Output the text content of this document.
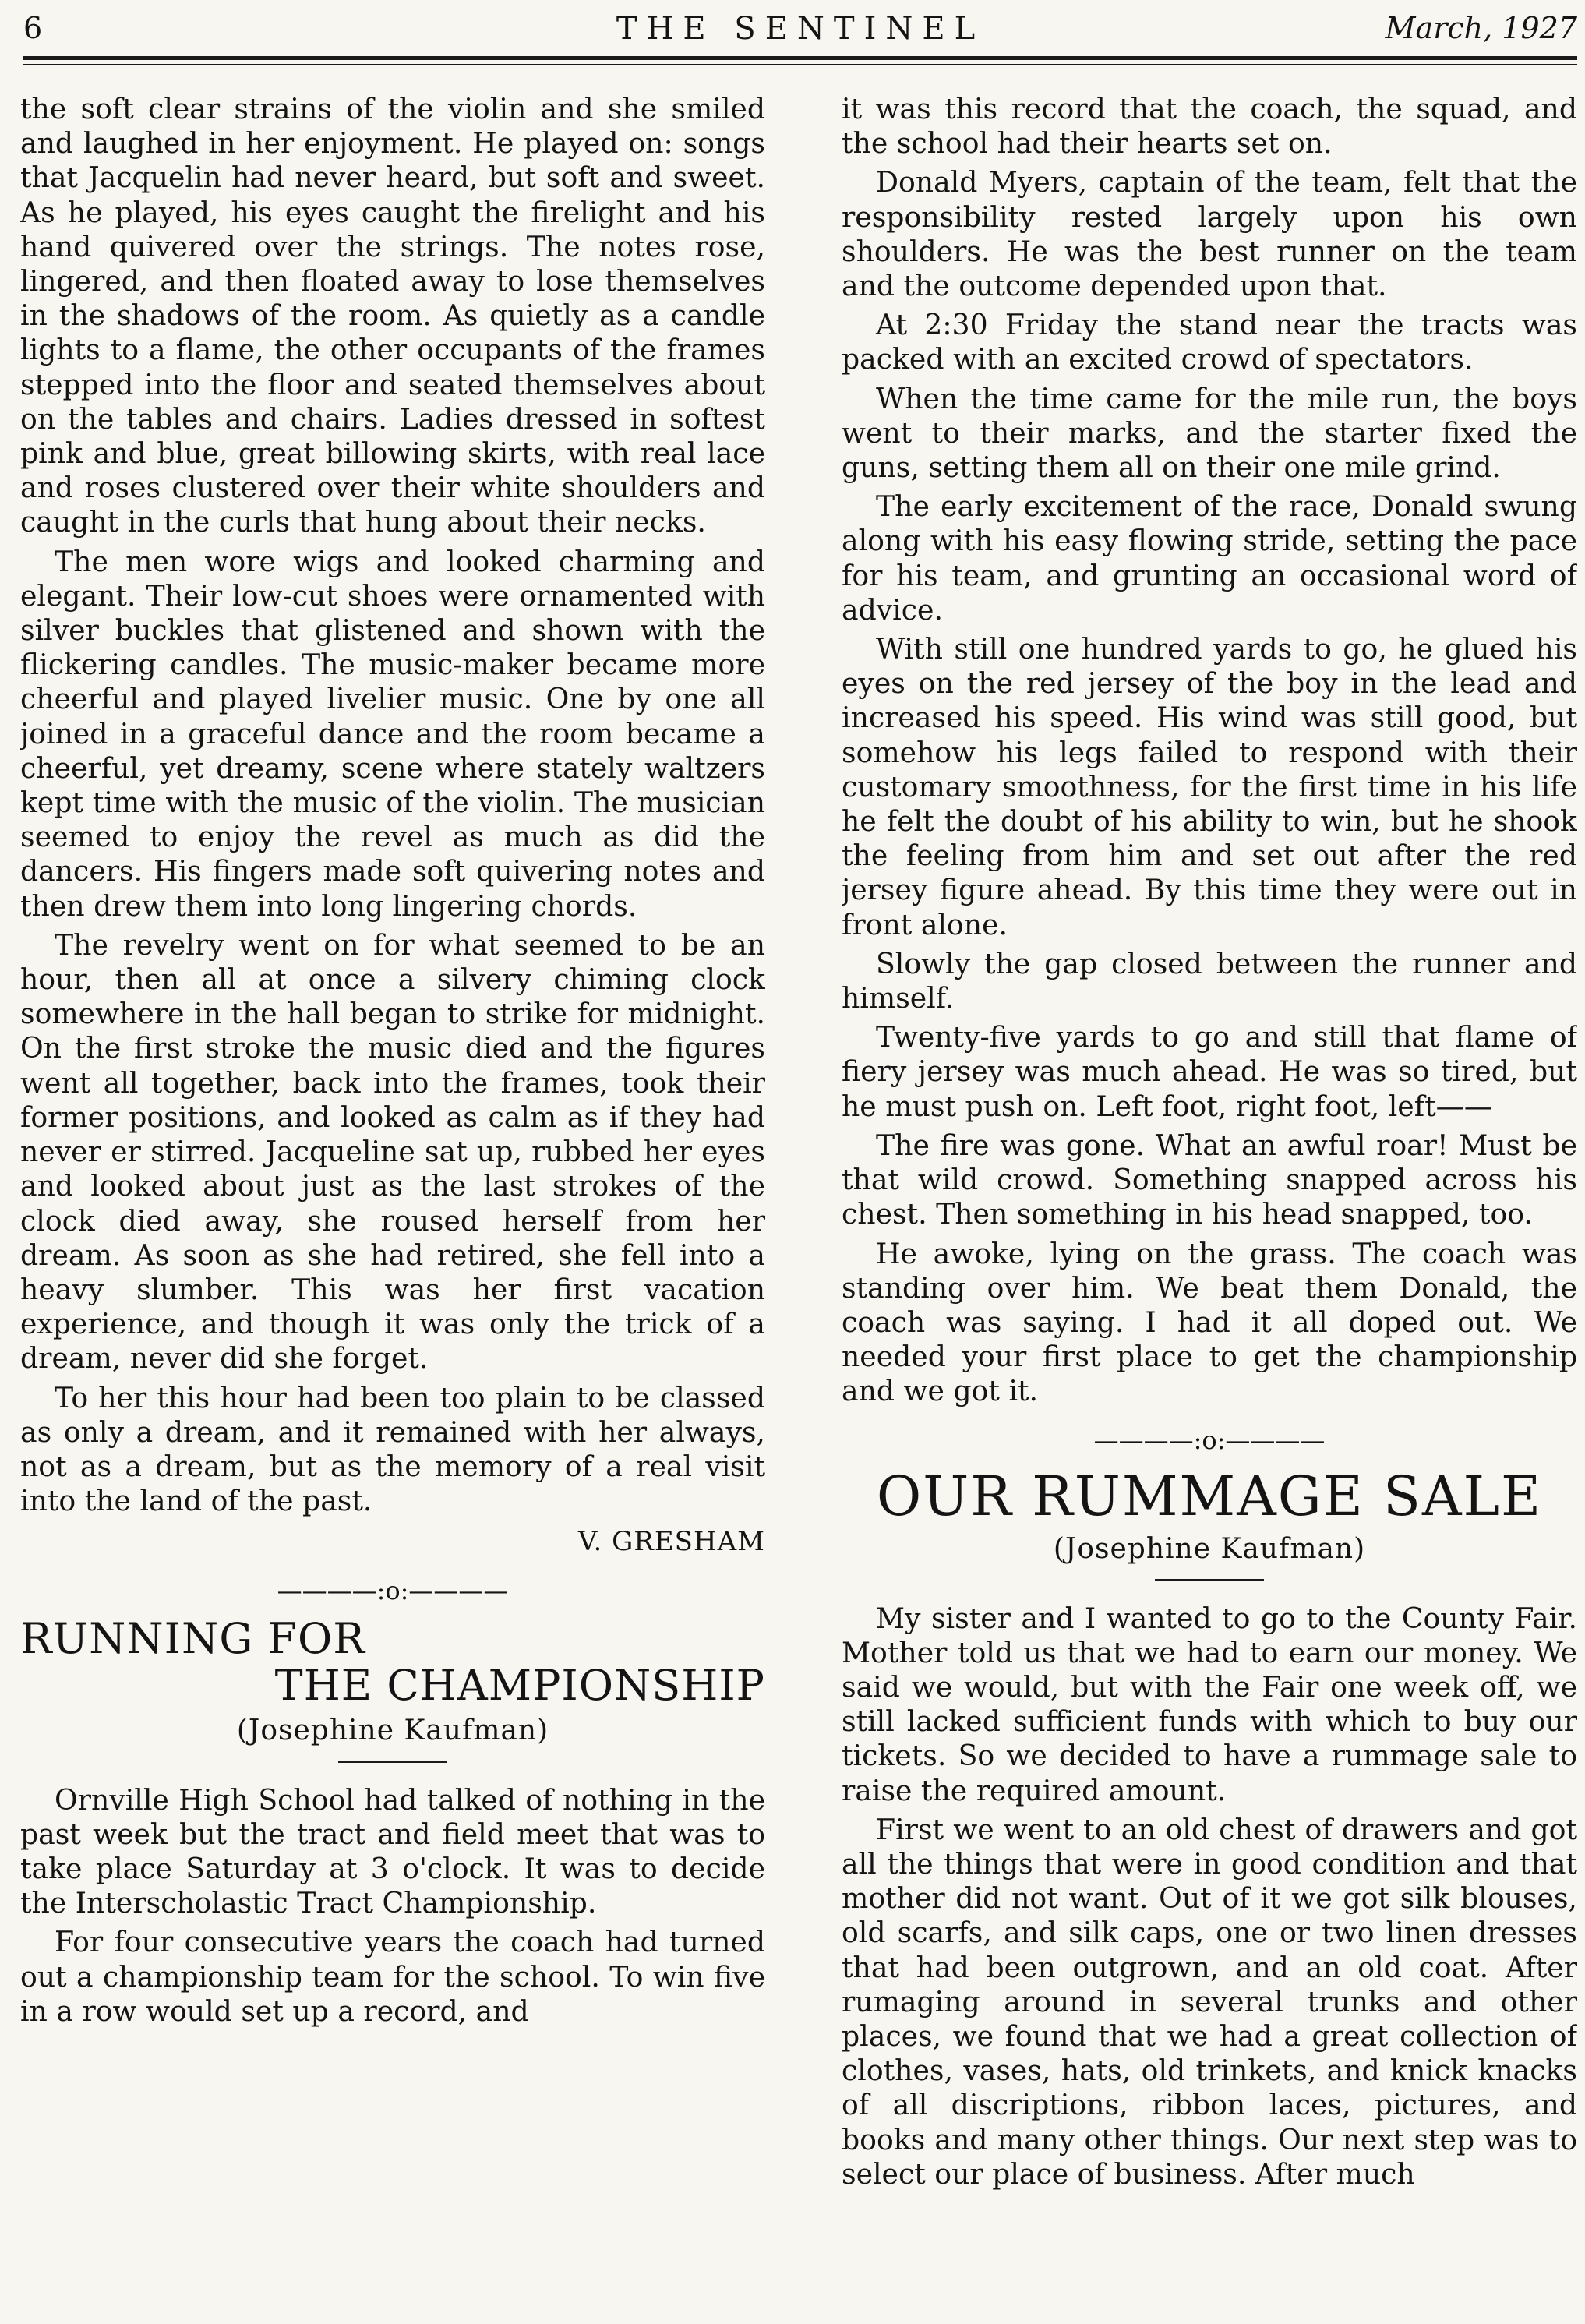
6	THE SENTINEL	March, 1927

the soft clear strains of the violin and she smiled and laughed in her enjoyment. He played on: songs that Jacquelin had never heard, but soft and sweet. As he played, his eyes caught the firelight and his hand quivered over the strings. The notes rose, lingered, and then floated away to lose themselves in the shadows of the room. As quietly as a candle lights to a flame, the other occupants of the frames stepped into the floor and seated themselves about on the tables and chairs. Ladies dressed in softest pink and blue, great billowing skirts, with real lace and roses clustered over their white shoulders and caught in the curls that hung about their necks.

The men wore wigs and looked charming and elegant. Their low-cut shoes were ornamented with silver buckles that glistened and shown with the flickering candles. The music-maker became more cheerful and played livelier music. One by one all joined in a graceful dance and the room became a cheerful, yet dreamy, scene where stately waltzers kept time with the music of the violin. The musician seemed to enjoy the revel as much as did the dancers. His fingers made soft quivering notes and then drew them into long lingering chords.

The revelry went on for what seemed to be an hour, then all at once a silvery chiming clock somewhere in the hall began to strike for midnight. On the first stroke the music died and the figures went all together, back into the frames, took their former positions, and looked as calm as if they had never er stirred. Jacqueline sat up, rubbed her eyes and looked about just as the last strokes of the clock died away, she roused herself from her dream. As soon as she had retired, she fell into a heavy slumber. This was her first vacation experience, and though it was only the trick of a dream, never did she forget.

To her this hour had been too plain to be classed as only a dream, and it remained with her always, not as a dream, but as the memory of a real visit into the land of the past.

V. GRESHAM
————:o:————
RUNNING FOR
THE CHAMPIONSHIP
(Josephine Kaufman)

Ornville High School had talked of nothing in the past week but the tract and field meet that was to take place Saturday at 3 o'clock. It was to decide the Interscholastic Tract Championship.

For four consecutive years the coach had turned out a championship team for the school. To win five in a row would set up a record, and

it was this record that the coach, the squad, and the school had their hearts set on.

Donald Myers, captain of the team, felt that the responsibility rested largely upon his own shoulders. He was the best runner on the team and the outcome depended upon that.

At 2:30 Friday the stand near the tracts was packed with an excited crowd of spectators.

When the time came for the mile run, the boys went to their marks, and the starter fixed the guns, setting them all on their one mile grind.

The early excitement of the race, Donald swung along with his easy flowing stride, setting the pace for his team, and grunting an occasional word of advice.

With still one hundred yards to go, he glued his eyes on the red jersey of the boy in the lead and increased his speed. His wind was still good, but somehow his legs failed to respond with their customary smoothness, for the first time in his life he felt the doubt of his ability to win, but he shook the feeling from him and set out after the red jersey figure ahead. By this time they were out in front alone.

Slowly the gap closed between the runner and himself.

Twenty-five yards to go and still that flame of fiery jersey was much ahead. He was so tired, but he must push on. Left foot, right foot, left——

The fire was gone. What an awful roar! Must be that wild crowd. Something snapped across his chest. Then something in his head snapped, too.

He awoke, lying on the grass. The coach was standing over him. We beat them Donald, the coach was saying. I had it all doped out. We needed your first place to get the championship and we got it.

————:o:————
OUR RUMMAGE SALE
(Josephine Kaufman)

My sister and I wanted to go to the County Fair. Mother told us that we had to earn our money. We said we would, but with the Fair one week off, we still lacked sufficient funds with which to buy our tickets. So we decided to have a rummage sale to raise the required amount.

First we went to an old chest of drawers and got all the things that were in good condition and that mother did not want. Out of it we got silk blouses, old scarfs, and silk caps, one or two linen dresses that had been outgrown, and an old coat. After rumaging around in several trunks and other places, we found that we had a great collection of clothes, vases, hats, old trinkets, and knick knacks of all discriptions, ribbon laces, pictures, and books and many other things. Our next step was to select our place of business. After much
